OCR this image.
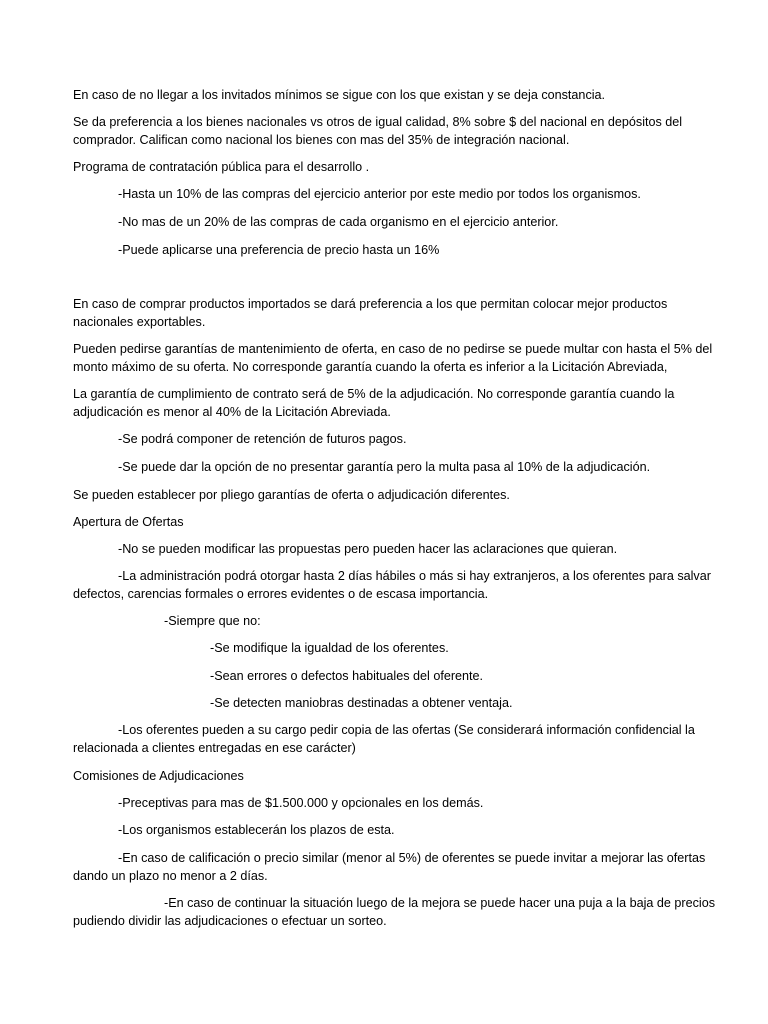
En caso de no llegar a los invitados mínimos se sigue con los que existan y se deja constancia.

Se da preferencia a los bienes nacionales vs otros de igual calidad, 8% sobre $ del nacional en depósitos del comprador. Califican como nacional los bienes con mas del 35% de integración nacional.

Programa de contratación pública para el desarrollo .

-Hasta un 10% de las compras del ejercicio anterior por este medio por todos los organismos.

-No mas de un 20% de las compras de cada organismo en el ejercicio anterior.

-Puede aplicarse una preferencia de precio hasta un 16%

En caso de comprar productos importados se dará preferencia a los que permitan colocar mejor productos nacionales exportables.

Pueden pedirse garantías de mantenimiento de oferta, en caso de no pedirse se puede multar con hasta el 5% del monto máximo de su oferta. No corresponde garantía cuando la oferta es inferior a la Licitación Abreviada,

La garantía de cumplimiento de contrato será de 5% de la adjudicación. No corresponde garantía cuando la adjudicación es menor al 40% de la Licitación Abreviada.

-Se podrá componer de retención de futuros pagos.

-Se puede dar la opción de no presentar garantía pero la multa pasa al 10% de la adjudicación.

Se pueden establecer por pliego garantías de oferta o adjudicación diferentes.

Apertura de Ofertas

-No se pueden modificar las propuestas pero pueden hacer las aclaraciones que quieran.

-La administración podrá otorgar hasta 2 días hábiles o más si hay extranjeros, a los oferentes para salvar defectos, carencias formales o errores evidentes o de escasa importancia.

-Siempre que no:

-Se modifique la igualdad de los oferentes.

-Sean errores o defectos habituales del oferente.

-Se detecten maniobras destinadas a obtener ventaja.

-Los oferentes pueden a su cargo pedir copia de las ofertas (Se considerará información confidencial la relacionada a clientes entregadas en ese carácter)

Comisiones de Adjudicaciones

-Preceptivas para mas de $1.500.000 y opcionales en los demás.

-Los organismos establecerán los plazos de esta.

-En caso de calificación o precio similar (menor al 5%) de oferentes se puede invitar a mejorar las ofertas dando un plazo no menor a 2 días.

-En caso de continuar la situación luego de la mejora se puede hacer una puja a la baja de precios pudiendo dividir las adjudicaciones o efectuar un sorteo.
